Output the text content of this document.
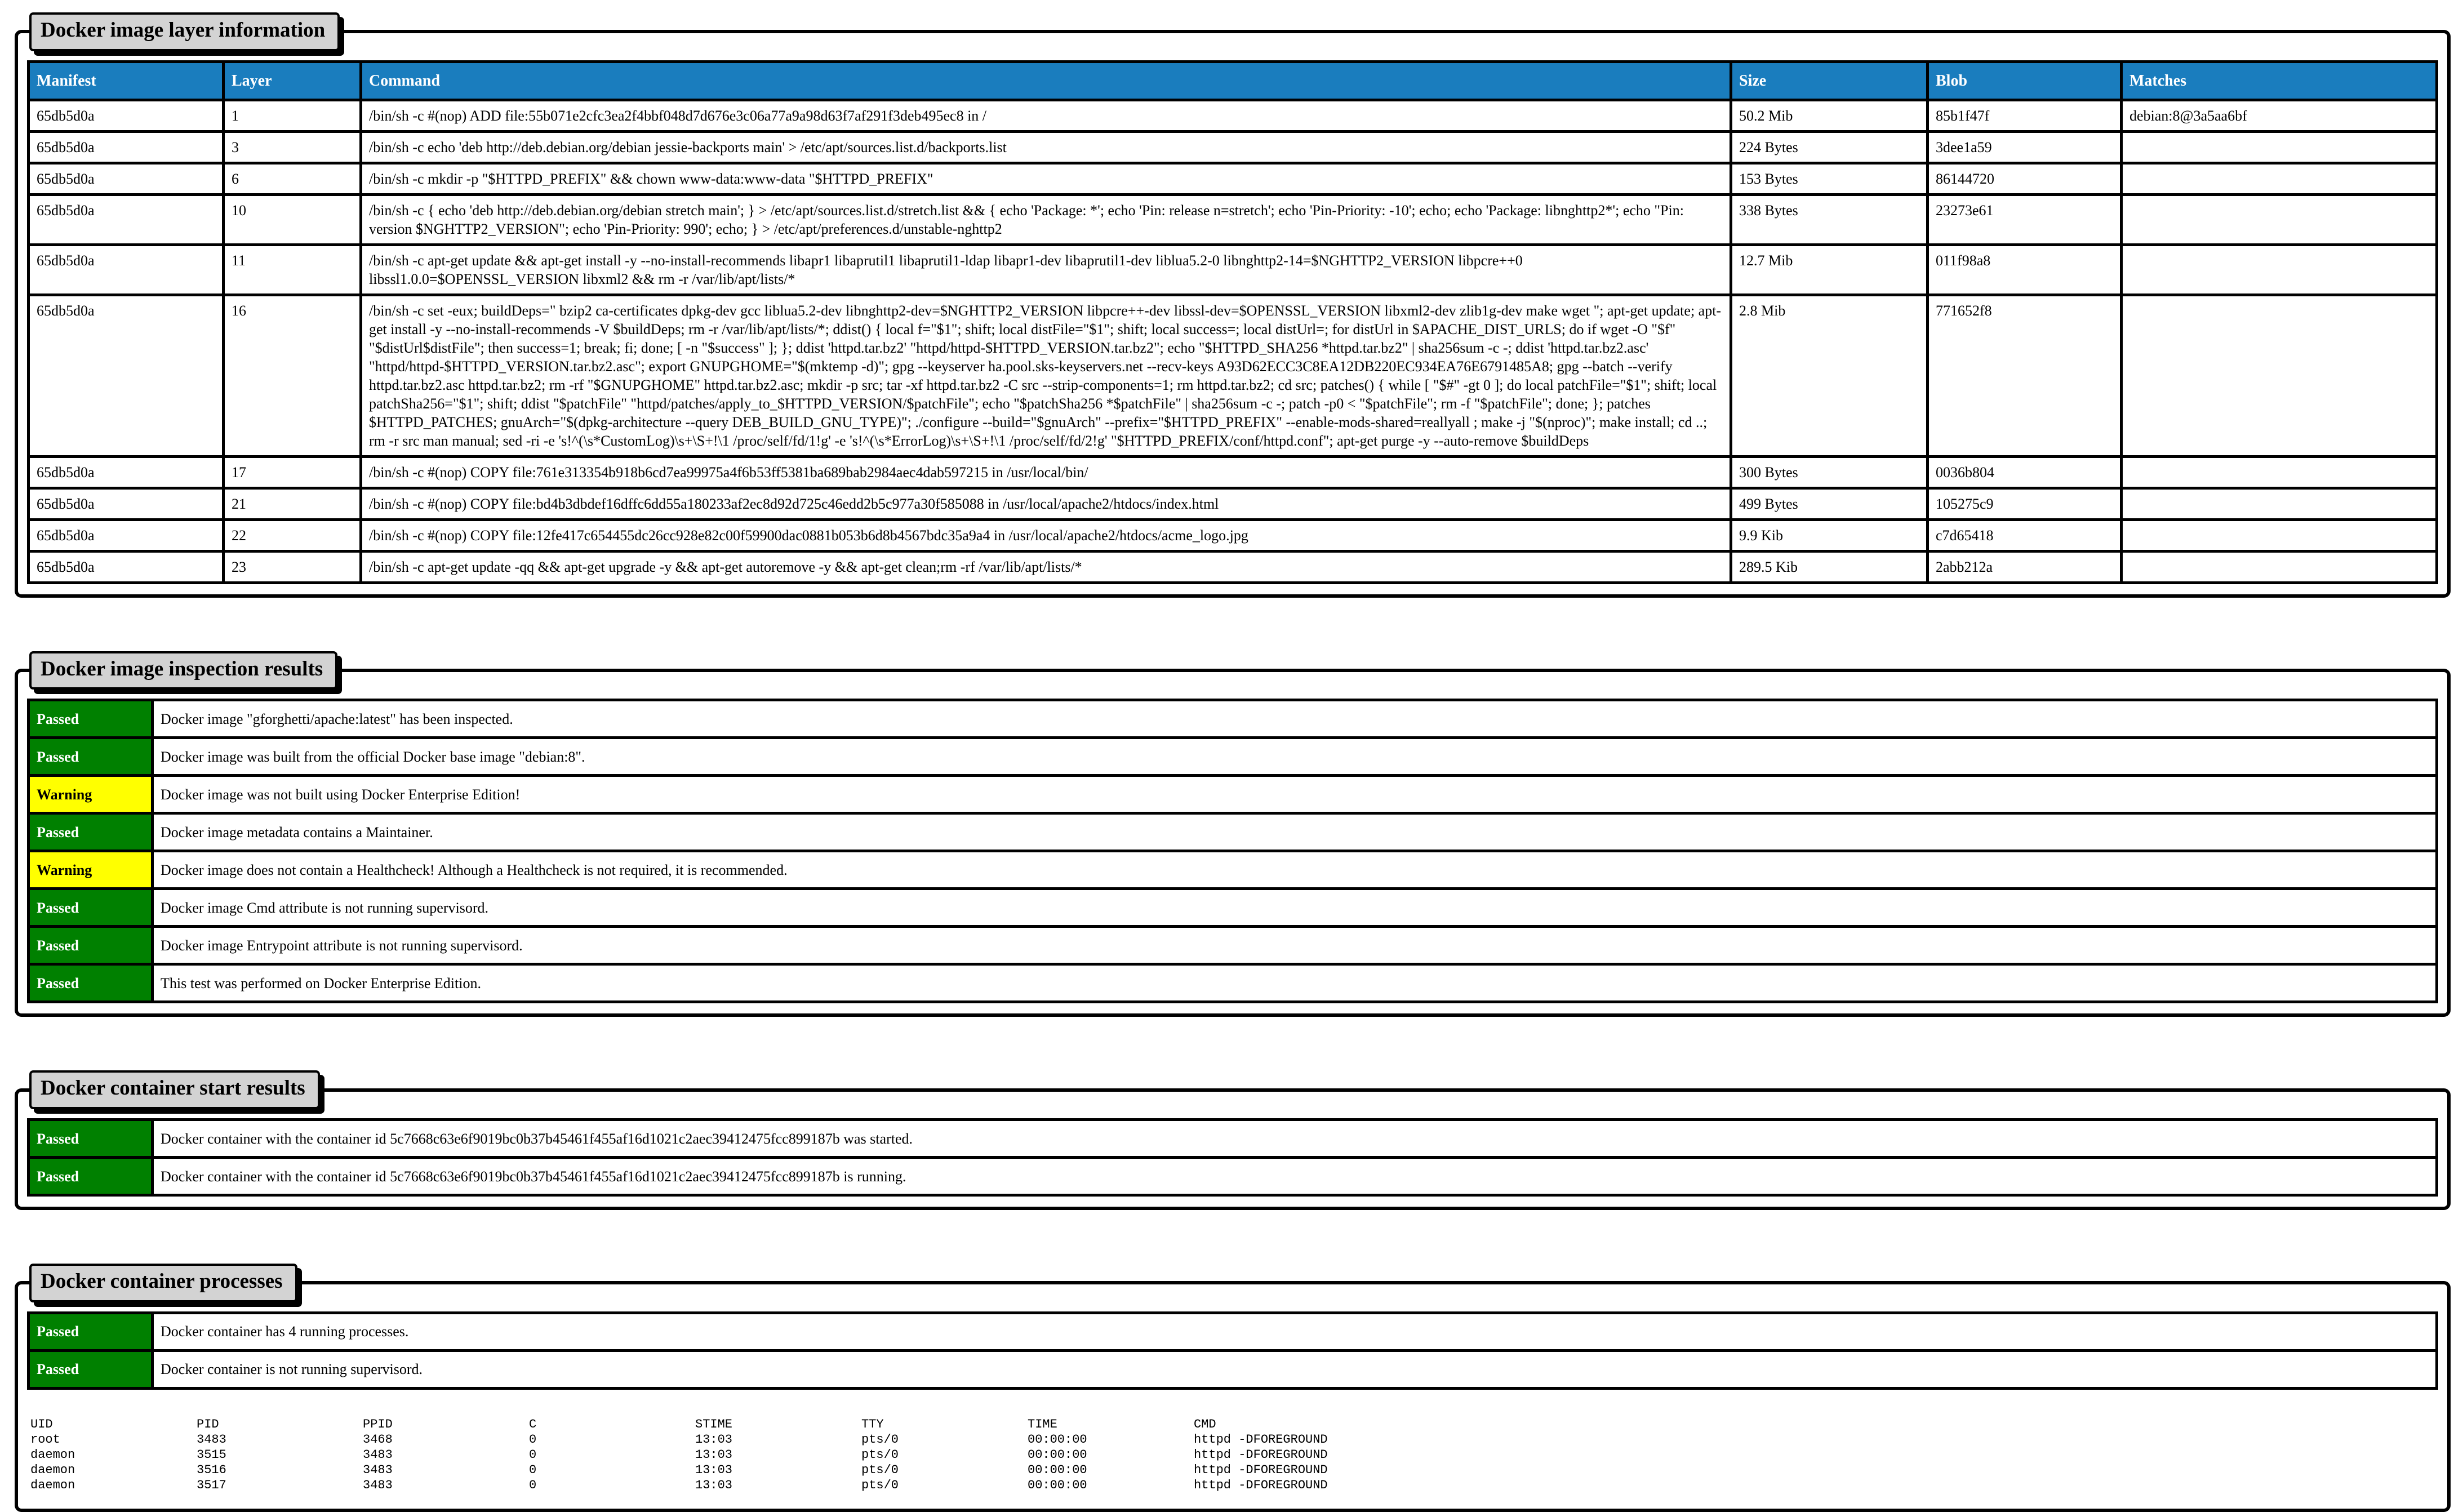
Docker image layer information
Manifest	Layer	Command	Size	Blob	Matches
65db5d0a	1	/bin/sh -c #(nop) ADD file:55b071e2cfc3ea2f4bbf048d7d676e3c06a77a9a98d63f7af291f3deb495ec8 in /	50.2 Mib	85b1f47f	debian:8@3a5aa6bf
65db5d0a	3	/bin/sh -c echo 'deb http://deb.debian.org/debian jessie-backports main' > /etc/apt/sources.list.d/backports.list	224 Bytes	3dee1a59	
65db5d0a	6	/bin/sh -c mkdir -p "$HTTPD_PREFIX" && chown www-data:www-data "$HTTPD_PREFIX"	153 Bytes	86144720	
65db5d0a	10	/bin/sh -c { echo 'deb http://deb.debian.org/debian stretch main'; } > /etc/apt/sources.list.d/stretch.list && { echo 'Package: *'; echo 'Pin: release n=stretch'; echo 'Pin-Priority: -10'; echo; echo 'Package: libnghttp2*'; echo "Pin: version $NGHTTP2_VERSION"; echo 'Pin-Priority: 990'; echo; } > /etc/apt/preferences.d/unstable-nghttp2	338 Bytes	23273e61	
65db5d0a	11	/bin/sh -c apt-get update && apt-get install -y --no-install-recommends libapr1 libaprutil1 libaprutil1-ldap libapr1-dev libaprutil1-dev liblua5.2-0 libnghttp2-14=$NGHTTP2_VERSION libpcre++0 libssl1.0.0=$OPENSSL_VERSION libxml2 && rm -r /var/lib/apt/lists/*	12.7 Mib	011f98a8	
65db5d0a	16	/bin/sh -c set -eux; buildDeps=" bzip2 ca-certificates dpkg-dev gcc liblua5.2-dev libnghttp2-dev=$NGHTTP2_VERSION libpcre++-dev libssl-dev=$OPENSSL_VERSION libxml2-dev zlib1g-dev make wget "; apt-get update; apt-get install -y --no-install-recommends -V $buildDeps; rm -r /var/lib/apt/lists/*; ddist() { local f="$1"; shift; local distFile="$1"; shift; local success=; local distUrl=; for distUrl in $APACHE_DIST_URLS; do if wget -O "$f" "$distUrl$distFile"; then success=1; break; fi; done; [ -n "$success" ]; }; ddist 'httpd.tar.bz2' "httpd/httpd-$HTTPD_VERSION.tar.bz2"; echo "$HTTPD_SHA256 *httpd.tar.bz2" | sha256sum -c -; ddist 'httpd.tar.bz2.asc' "httpd/httpd-$HTTPD_VERSION.tar.bz2.asc"; export GNUPGHOME="$(mktemp -d)"; gpg --keyserver ha.pool.sks-keyservers.net --recv-keys A93D62ECC3C8EA12DB220EC934EA76E6791485A8; gpg --batch --verify httpd.tar.bz2.asc httpd.tar.bz2; rm -rf "$GNUPGHOME" httpd.tar.bz2.asc; mkdir -p src; tar -xf httpd.tar.bz2 -C src --strip-components=1; rm httpd.tar.bz2; cd src; patches() { while [ "$#" -gt 0 ]; do local patchFile="$1"; shift; local patchSha256="$1"; shift; ddist "$patchFile" "httpd/patches/apply_to_$HTTPD_VERSION/$patchFile"; echo "$patchSha256 *$patchFile" | sha256sum -c -; patch -p0 < "$patchFile"; rm -f "$patchFile"; done; }; patches $HTTPD_PATCHES; gnuArch="$(dpkg-architecture --query DEB_BUILD_GNU_TYPE)"; ./configure --build="$gnuArch" --prefix="$HTTPD_PREFIX" --enable-mods-shared=reallyall ; make -j "$(nproc)"; make install; cd ..; rm -r src man manual; sed -ri -e 's!^(\s*CustomLog)\s+\S+!\1 /proc/self/fd/1!g' -e 's!^(\s*ErrorLog)\s+\S+!\1 /proc/self/fd/2!g' "$HTTPD_PREFIX/conf/httpd.conf"; apt-get purge -y --auto-remove $buildDeps	2.8 Mib	771652f8	
65db5d0a	17	/bin/sh -c #(nop) COPY file:761e313354b918b6cd7ea99975a4f6b53ff5381ba689bab2984aec4dab597215 in /usr/local/bin/	300 Bytes	0036b804	
65db5d0a	21	/bin/sh -c #(nop) COPY file:bd4b3dbdef16dffc6dd55a180233af2ec8d92d725c46edd2b5c977a30f585088 in /usr/local/apache2/htdocs/index.html	499 Bytes	105275c9	
65db5d0a	22	/bin/sh -c #(nop) COPY file:12fe417c654455dc26cc928e82c00f59900dac0881b053b6d8b4567bdc35a9a4 in /usr/local/apache2/htdocs/acme_logo.jpg	9.9 Kib	c7d65418	
65db5d0a	23	/bin/sh -c apt-get update -qq && apt-get upgrade -y && apt-get autoremove -y && apt-get clean;rm -rf /var/lib/apt/lists/*	289.5 Kib	2abb212a	
Docker image inspection results
Passed	Docker image "gforghetti/apache:latest" has been inspected.
Passed	Docker image was built from the official Docker base image "debian:8".
Warning	Docker image was not built using Docker Enterprise Edition!
Passed	Docker image metadata contains a Maintainer.
Warning	Docker image does not contain a Healthcheck! Although a Healthcheck is not required, it is recommended.
Passed	Docker image Cmd attribute is not running supervisord.
Passed	Docker image Entrypoint attribute is not running supervisord.
Passed	This test was performed on Docker Enterprise Edition.
Docker container start results
Passed	Docker container with the container id 5c7668c63e6f9019bc0b37b45461f455af16d1021c2aec39412475fcc899187b was started.
Passed	Docker container with the container id 5c7668c63e6f9019bc0b37b45461f455af16d1021c2aec39412475fcc899187b is running.
Docker container processes
Passed	Docker container has 4 running processes.
Passed	Docker container is not running supervisord.
UID	PID	PPID	C	STIME	TTY	TIME	CMD
root	3483	3468	0	13:03	pts/0	00:00:00	httpd -DFOREGROUND
daemon	3515	3483	0	13:03	pts/0	00:00:00	httpd -DFOREGROUND
daemon	3516	3483	0	13:03	pts/0	00:00:00	httpd -DFOREGROUND
daemon	3517	3483	0	13:03	pts/0	00:00:00	httpd -DFOREGROUND
